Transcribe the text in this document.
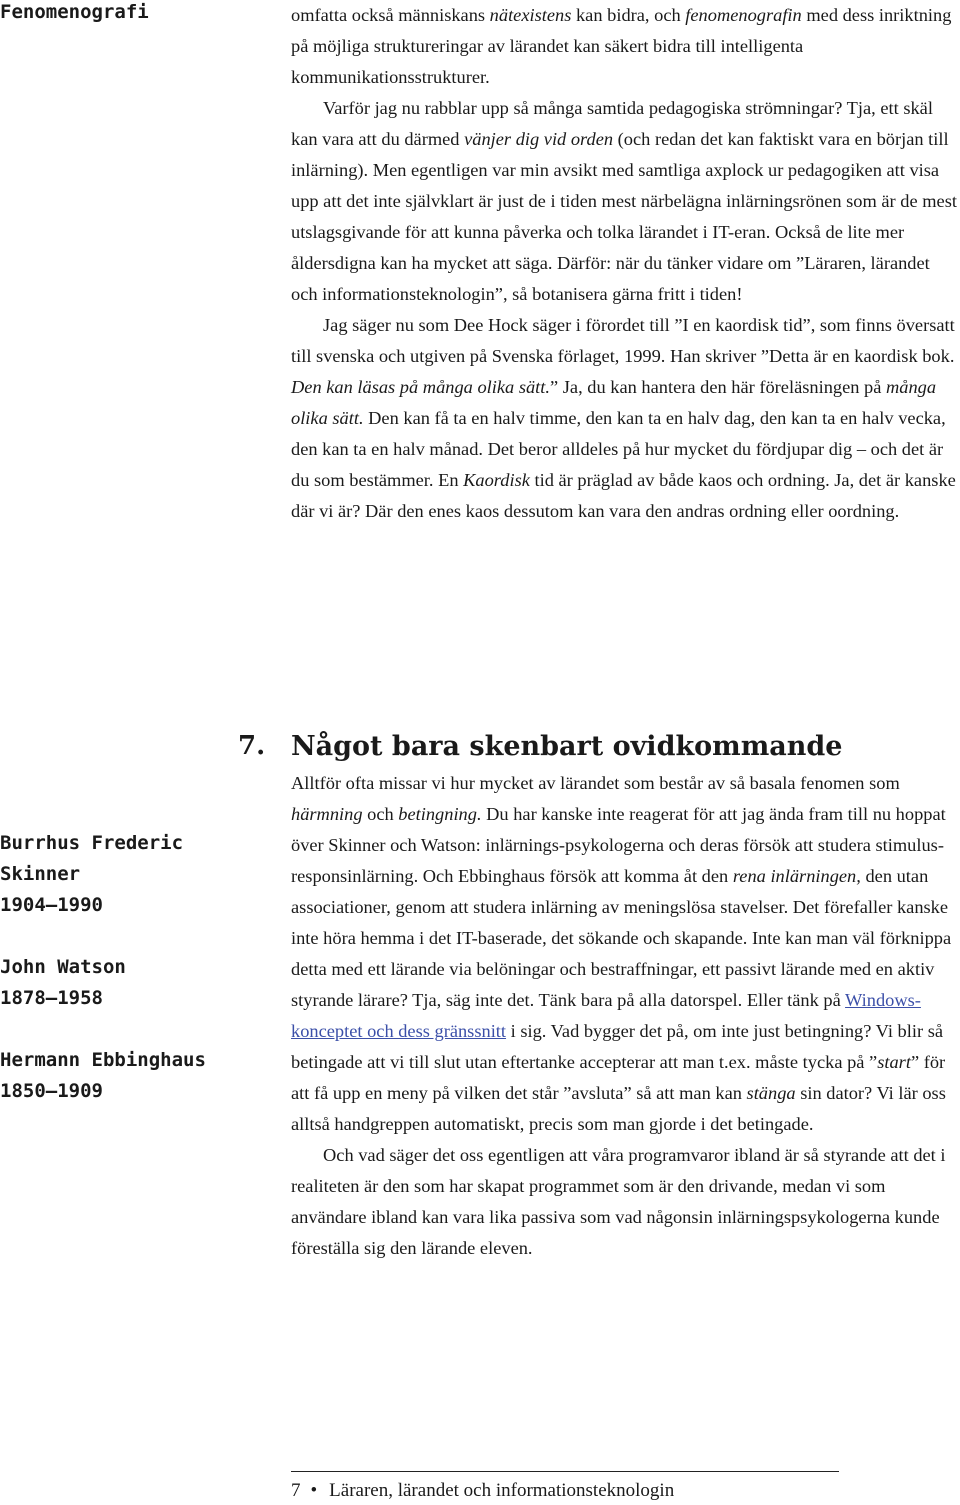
Fenomenografi	omfatta också människans nätexistens kan bidra, och fenomenografin med dess inriktning på möjliga struktureringar av lärandet kan säkert bidra till intelligenta kommunikationsstrukturer.

Varför jag nu rabblar upp så många samtida pedagogiska strömningar? Tja, ett skäl kan vara att du därmed vänjer dig vid orden (och redan det kan faktiskt vara en början till inlärning). Men egentligen var min avsikt med samtliga axplock ur pedagogiken att visa upp att det inte självklart är just de i tiden mest närbelägna inlärningsrönen som är de mest utslagsgivande för att kunna påverka och tolka lärandet i IT-eran. Också de lite mer åldersdigna kan ha mycket att säga. Därför: när du tänker vidare om ”Läraren, lärandet och informationsteknologin”, så botanisera gärna fritt i tiden!

Jag säger nu som Dee Hock säger i förordet till ”I en kaordisk tid”, som finns översatt till svenska och utgiven på Svenska förlaget, 1999. Han skriver ”Detta är en kaordisk bok. Den kan läsas på många olika sätt.” Ja, du kan hantera den här föreläsningen på många olika sätt. Den kan få ta en halv timme, den kan ta en halv dag, den kan ta en halv vecka, den kan ta en halv månad. Det beror alldeles på hur mycket du fördjupar dig – och det är du som bestämmer. En Kaordisk tid är präglad av både kaos och ordning. Ja, det är kanske där vi är? Där den enes kaos dessutom kan vara den andras ordning eller oordning.

7. Något bara skenbart ovidkommande

Alltför ofta missar vi hur mycket av lärandet som består av så basala fenomen som härmning och betingning. Du har kanske inte reagerat för att jag ända fram till nu hoppat över Skinner och Watson: inlärnings-psykologerna och deras försök att studera stimulus-responsinlärning. Och Ebbinghaus försök att komma åt den rena inlärningen, den utan associationer, genom att studera inlärning av meningslösa stavelser. Det förefaller kanske inte höra hemma i det IT-baserade, det sökande och skapande. Inte kan man väl förknippa detta med ett lärande via belöningar och bestraffningar, ett passivt lärande med en aktiv styrande lärare? Tja, säg inte det. Tänk bara på alla datorspel. Eller tänk på Windows-konceptet och dess gränssnitt i sig. Vad bygger det på, om inte just betingning? Vi blir så betingade att vi till slut utan eftertanke accepterar att man t.ex. måste tycka på ”start” för att få upp en meny på vilken det står ”avsluta” så att man kan stänga sin dator? Vi lär oss alltså handgreppen automatiskt, precis som man gjorde i det betingade.

Och vad säger det oss egentligen att våra programvaror ibland är så styrande att det i realiteten är den som har skapat programmet som är den drivande, medan vi som användare ibland kan vara lika passiva som vad någonsin inlärningspsykologerna kunde föreställa sig den lärande eleven.

Burrhus Frederic
Skinner
1904–1990
John Watson
1878–1958
Hermann Ebbinghaus
1850–1909
7 • Läraren, lärandet och informationsteknologin
